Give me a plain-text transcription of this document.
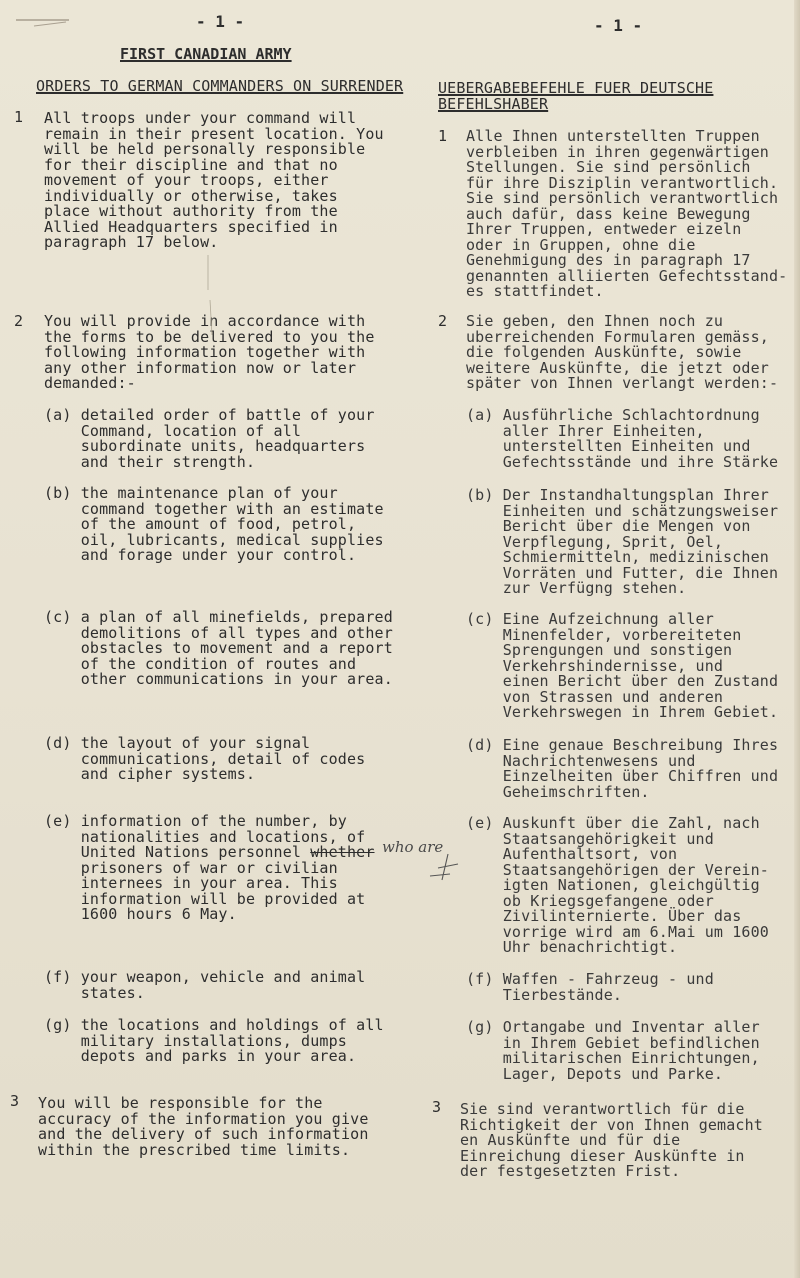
- 1 -	- 1 -
FIRST CANADIAN ARMY
ORDERS TO GERMAN COMMANDERS ON SURRENDER UEBERGABEBEFEHLE FUER DEUTSCHE
BEFEHLSHABER
1 All troops under your command will
remain in their present location. You
will be held personally responsible
for their discipline and that no
movement of your troops, either
individually or otherwise, takes
place without authority from the
Allied Headquarters specified in
paragraph 17 below.
2 You will provide in accordance with
the forms to be delivered to you the
following information together with
any other information now or later
demanded:-
(a) detailed order of battle of your
Command, location of all
subordinate units, headquarters
and their strength.
(b) the maintenance plan of your
command together with an estimate
of the amount of food, petrol,
oil, lubricants, medical supplies
and forage under your control.
(c) a plan of all minefields, prepared
demolitions of all types and other
obstacles to movement and a report
of the condition of routes and
other communications in your area.
(d) the layout of your signal
communications, detail of codes
and cipher systems.
(e) information of the number, by
nationalities and locations, of
United Nations personnel whether
prisoners of war or civilian
internees in your area. This
information will be provided at
1600 hours 6 May.
who are
(f) your weapon, vehicle and animal
states.
(g) the locations and holdings of all
military installations, dumps
depots and parks in your area.
3 You will be responsible for the
accuracy of the information you give
and the delivery of such information
within the prescribed time limits.
1 Alle Ihnen unterstellten Truppen
verbleiben in ihren gegenwärtigen
Stellungen. Sie sind persönlich
für ihre Disziplin verantwortlich.
Sie sind persönlich verantwortlich
auch dafür, dass keine Bewegung
Ihrer Truppen, entweder eizeln
oder in Gruppen, ohne die
Genehmigung des in paragraph 17
genannten alliierten Gefechtsstand-
es stattfindet.
2 Sie geben, den Ihnen noch zu
uberreichenden Formularen gemäss,
die folgenden Auskünfte, sowie
weitere Auskünfte, die jetzt oder
später von Ihnen verlangt werden:-
(a) Ausführliche Schlachtordnung
aller Ihrer Einheiten,
unterstellten Einheiten und
Gefechtsstände und ihre Stärke
(b) Der Instandhaltungsplan Ihrer
Einheiten und schätzungsweiser
Bericht über die Mengen von
Verpflegung, Sprit, Oel,
Schmiermitteln, medizinischen
Vorräten und Futter, die Ihnen
zur Verfügng stehen.
(c) Eine Aufzeichnung aller
Minenfelder, vorbereiteten
Sprengungen und sonstigen
Verkehrshindernisse, und
einen Bericht über den Zustand
von Strassen und anderen
Verkehrswegen in Ihrem Gebiet.
(d) Eine genaue Beschreibung Ihres
Nachrichtenwesens und
Einzelheiten über Chiffren und
Geheimschriften.
(e) Auskunft über die Zahl, nach
Staatsangehörigkeit und
Aufenthaltsort, von
Staatsangehörigen der Verein-
igten Nationen, gleichgültig
ob Kriegsgefangene oder
Zivilinternierte. Über das
vorrige wird am 6.Mai um 1600
Uhr benachrichtigt.
(f) Waffen - Fahrzeug - und
Tierbestände.
(g) Ortangabe und Inventar aller
in Ihrem Gebiet befindlichen
militarischen Einrichtungen,
Lager, Depots und Parke.
3 Sie sind verantwortlich für die
Richtigkeit der von Ihnen gemacht
en Auskünfte und für die
Einreichung dieser Auskünfte in
der festgesetzten Frist.
